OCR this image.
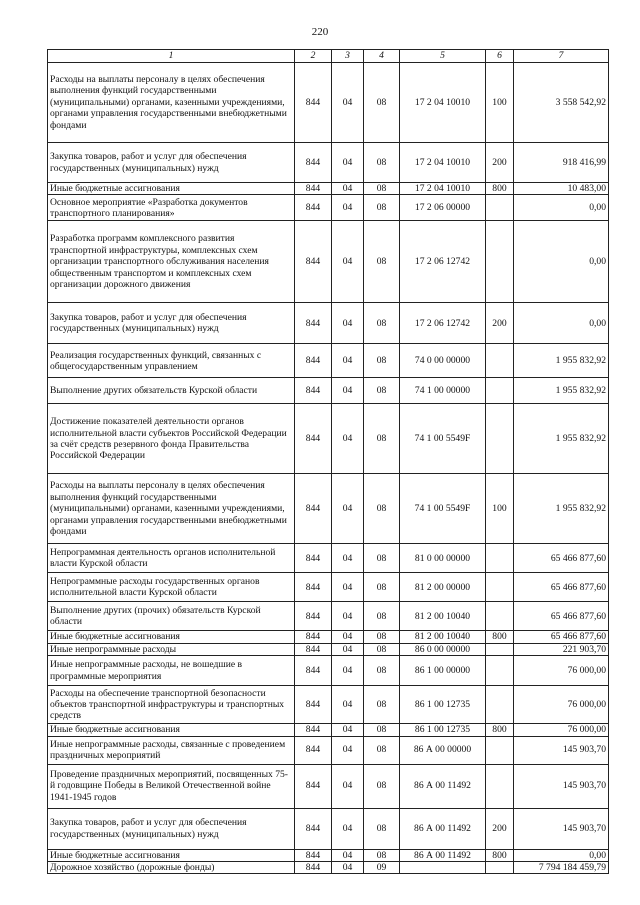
220
1	2	3	4	5	6	7
Расходы на выплаты персоналу в целях обеспечения выполнения функций государственными (муниципальными) органами, казенными учреждениями, органами управления государственными внебюджетными фондами	844	04	08	17 2 04 10010	100	3 558 542,92
Закупка товаров, работ и услуг для обеспечения государственных (муниципальных) нужд	844	04	08	17 2 04 10010	200	918 416,99
Иные бюджетные ассигнования	844	04	08	17 2 04 10010	800	10 483,00
Основное мероприятие «Разработка документов транспортного планирования»	844	04	08	17 2 06 00000		0,00
Разработка программ комплексного развития транспортной инфраструктуры, комплексных схем организации транспортного обслуживания населения общественным транспортом и комплексных схем организации дорожного движения	844	04	08	17 2 06 12742		0,00
Закупка товаров, работ и услуг для обеспечения государственных (муниципальных) нужд	844	04	08	17 2 06 12742	200	0,00
Реализация государственных функций, связанных с общегосударственным управлением	844	04	08	74 0 00 00000		1 955 832,92
Выполнение других обязательств Курской области	844	04	08	74 1 00 00000		1 955 832,92
Достижение показателей деятельности органов исполнительной власти субъектов Российской Федерации за счёт средств резервного фонда Правительства Российской Федерации	844	04	08	74 1 00 5549F		1 955 832,92
Расходы на выплаты персоналу в целях обеспечения выполнения функций государственными (муниципальными) органами, казенными учреждениями, органами управления государственными внебюджетными фондами	844	04	08	74 1 00 5549F	100	1 955 832,92
Непрограммная деятельность органов исполнительной власти Курской области	844	04	08	81 0 00 00000		65 466 877,60
Непрограммные расходы государственных органов исполнительной власти Курской области	844	04	08	81 2 00 00000		65 466 877,60
Выполнение других (прочих) обязательств Курской области	844	04	08	81 2 00 10040		65 466 877,60
Иные бюджетные ассигнования	844	04	08	81 2 00 10040	800	65 466 877,60
Иные непрограммные расходы	844	04	08	86 0 00 00000		221 903,70
Иные непрограммные расходы, не вошедшие в программные мероприятия	844	04	08	86 1 00 00000		76 000,00
Расходы на обеспечение транспортной безопасности объектов транспортной инфраструктуры и транспортных средств	844	04	08	86 1 00 12735		76 000,00
Иные бюджетные ассигнования	844	04	08	86 1 00 12735	800	76 000,00
Иные непрограммные расходы, связанные с проведением праздничных мероприятий	844	04	08	86 А 00 00000		145 903,70
Проведение праздничных мероприятий, посвященных 75-й годовщине Победы в Великой Отечественной войне 1941-1945 годов	844	04	08	86 А 00 11492		145 903,70
Закупка товаров, работ и услуг для обеспечения государственных (муниципальных) нужд	844	04	08	86 А 00 11492	200	145 903,70
Иные бюджетные ассигнования	844	04	08	86 А 00 11492	800	0,00
Дорожное хозяйство (дорожные фонды)	844	04	09			7 794 184 459,79
